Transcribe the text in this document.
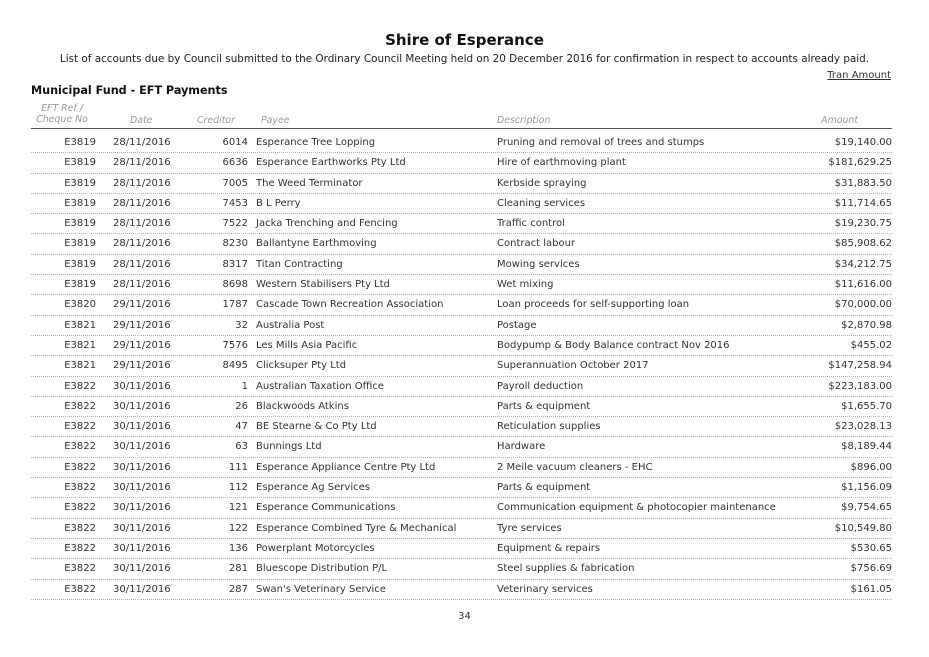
Shire of Esperance
List of accounts due by Council submitted to the Ordinary Council Meeting held on 20 December 2016 for confirmation in respect to accounts already paid.
Tran Amount
Municipal Fund - EFT Payments
EFT Ref /
Cheque No	Date	Creditor	Payee	Description	Amount
E3819 28/11/2016	6014 Esperance Tree Lopping	Pruning and removal of trees and stumps	$19,140.00
E3819 28/11/2016	6636 Esperance Earthworks Pty Ltd	Hire of earthmoving plant	$181,629.25
E3819 28/11/2016	7005 The Weed Terminator	Kerbside spraying	$31,883.50
E3819 28/11/2016	7453 B L Perry	Cleaning services	$11,714.65
E3819 28/11/2016	7522 Jacka Trenching and Fencing	Traffic control	$19,230.75
E3819 28/11/2016	8230 Ballantyne Earthmoving	Contract labour	$85,908.62
E3819 28/11/2016	8317 Titan Contracting	Mowing services	$34,212.75
E3819 28/11/2016	8698 Western Stabilisers Pty Ltd	Wet mixing	$11,616.00
E3820 29/11/2016	1787 Cascade Town Recreation Association	Loan proceeds for self-supporting loan	$70,000.00
E3821 29/11/2016	32 Australia Post	Postage	$2,870.98
E3821 29/11/2016	7576 Les Mills Asia Pacific	Bodypump & Body Balance contract Nov 2016	$455.02
E3821 29/11/2016	8495 Clicksuper Pty Ltd	Superannuation October 2017	$147,258.94
E3822 30/11/2016	1 Australian Taxation Office	Payroll deduction	$223,183.00
E3822 30/11/2016	26 Blackwoods Atkins	Parts & equipment	$1,655.70
E3822 30/11/2016	47 BE Stearne & Co Pty Ltd	Reticulation supplies	$23,028.13
E3822 30/11/2016	63 Bunnings Ltd	Hardware	$8,189.44
E3822 30/11/2016	111 Esperance Appliance Centre Pty Ltd	2 Meile vacuum cleaners - EHC	$896.00
E3822 30/11/2016	112 Esperance Ag Services	Parts & equipment	$1,156.09
E3822 30/11/2016	121 Esperance Communications	Communication equipment & photocopier maintenance	$9,754.65
E3822 30/11/2016	122 Esperance Combined Tyre & Mechanical	Tyre services	$10,549.80
E3822 30/11/2016	136 Powerplant Motorcycles	Equipment & repairs	$530.65
E3822 30/11/2016	281 Bluescope Distribution P/L	Steel supplies & fabrication	$756.69
E3822 30/11/2016	287 Swan's Veterinary Service	Veterinary services	$161.05
34
